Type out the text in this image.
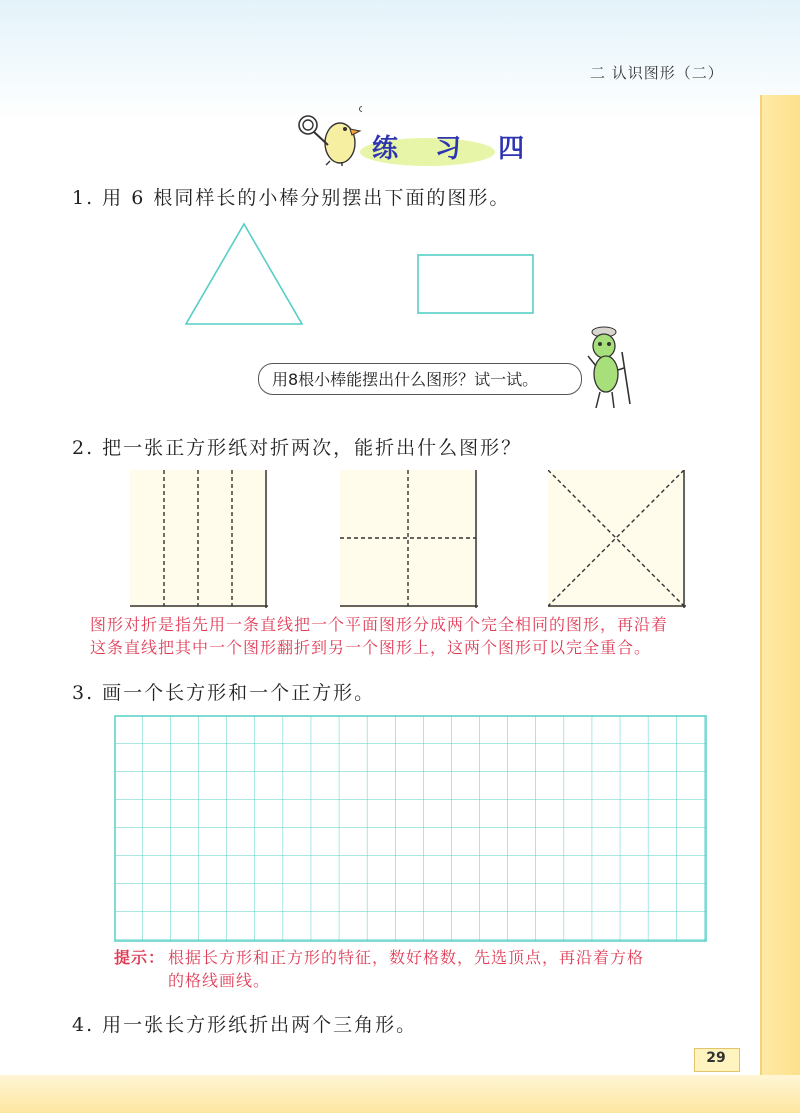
二 认识图形（二）
练 习 四
1. 用 6 根同样长的小棒分别摆出下面的图形。
用8根小棒能摆出什么图形？试一试。
2. 把一张正方形纸对折两次，能折出什么图形？
图形对折是指先用一条直线把一个平面图形分成两个完全相同的图形，再沿着
这条直线把其中一个图形翻折到另一个图形上，这两个图形可以完全重合。
3. 画一个长方形和一个正方形。
提示： 根据长方形和正方形的特征，数好格数，先选顶点，再沿着方格
的格线画线。
4. 用一张长方形纸折出两个三角形。
29
